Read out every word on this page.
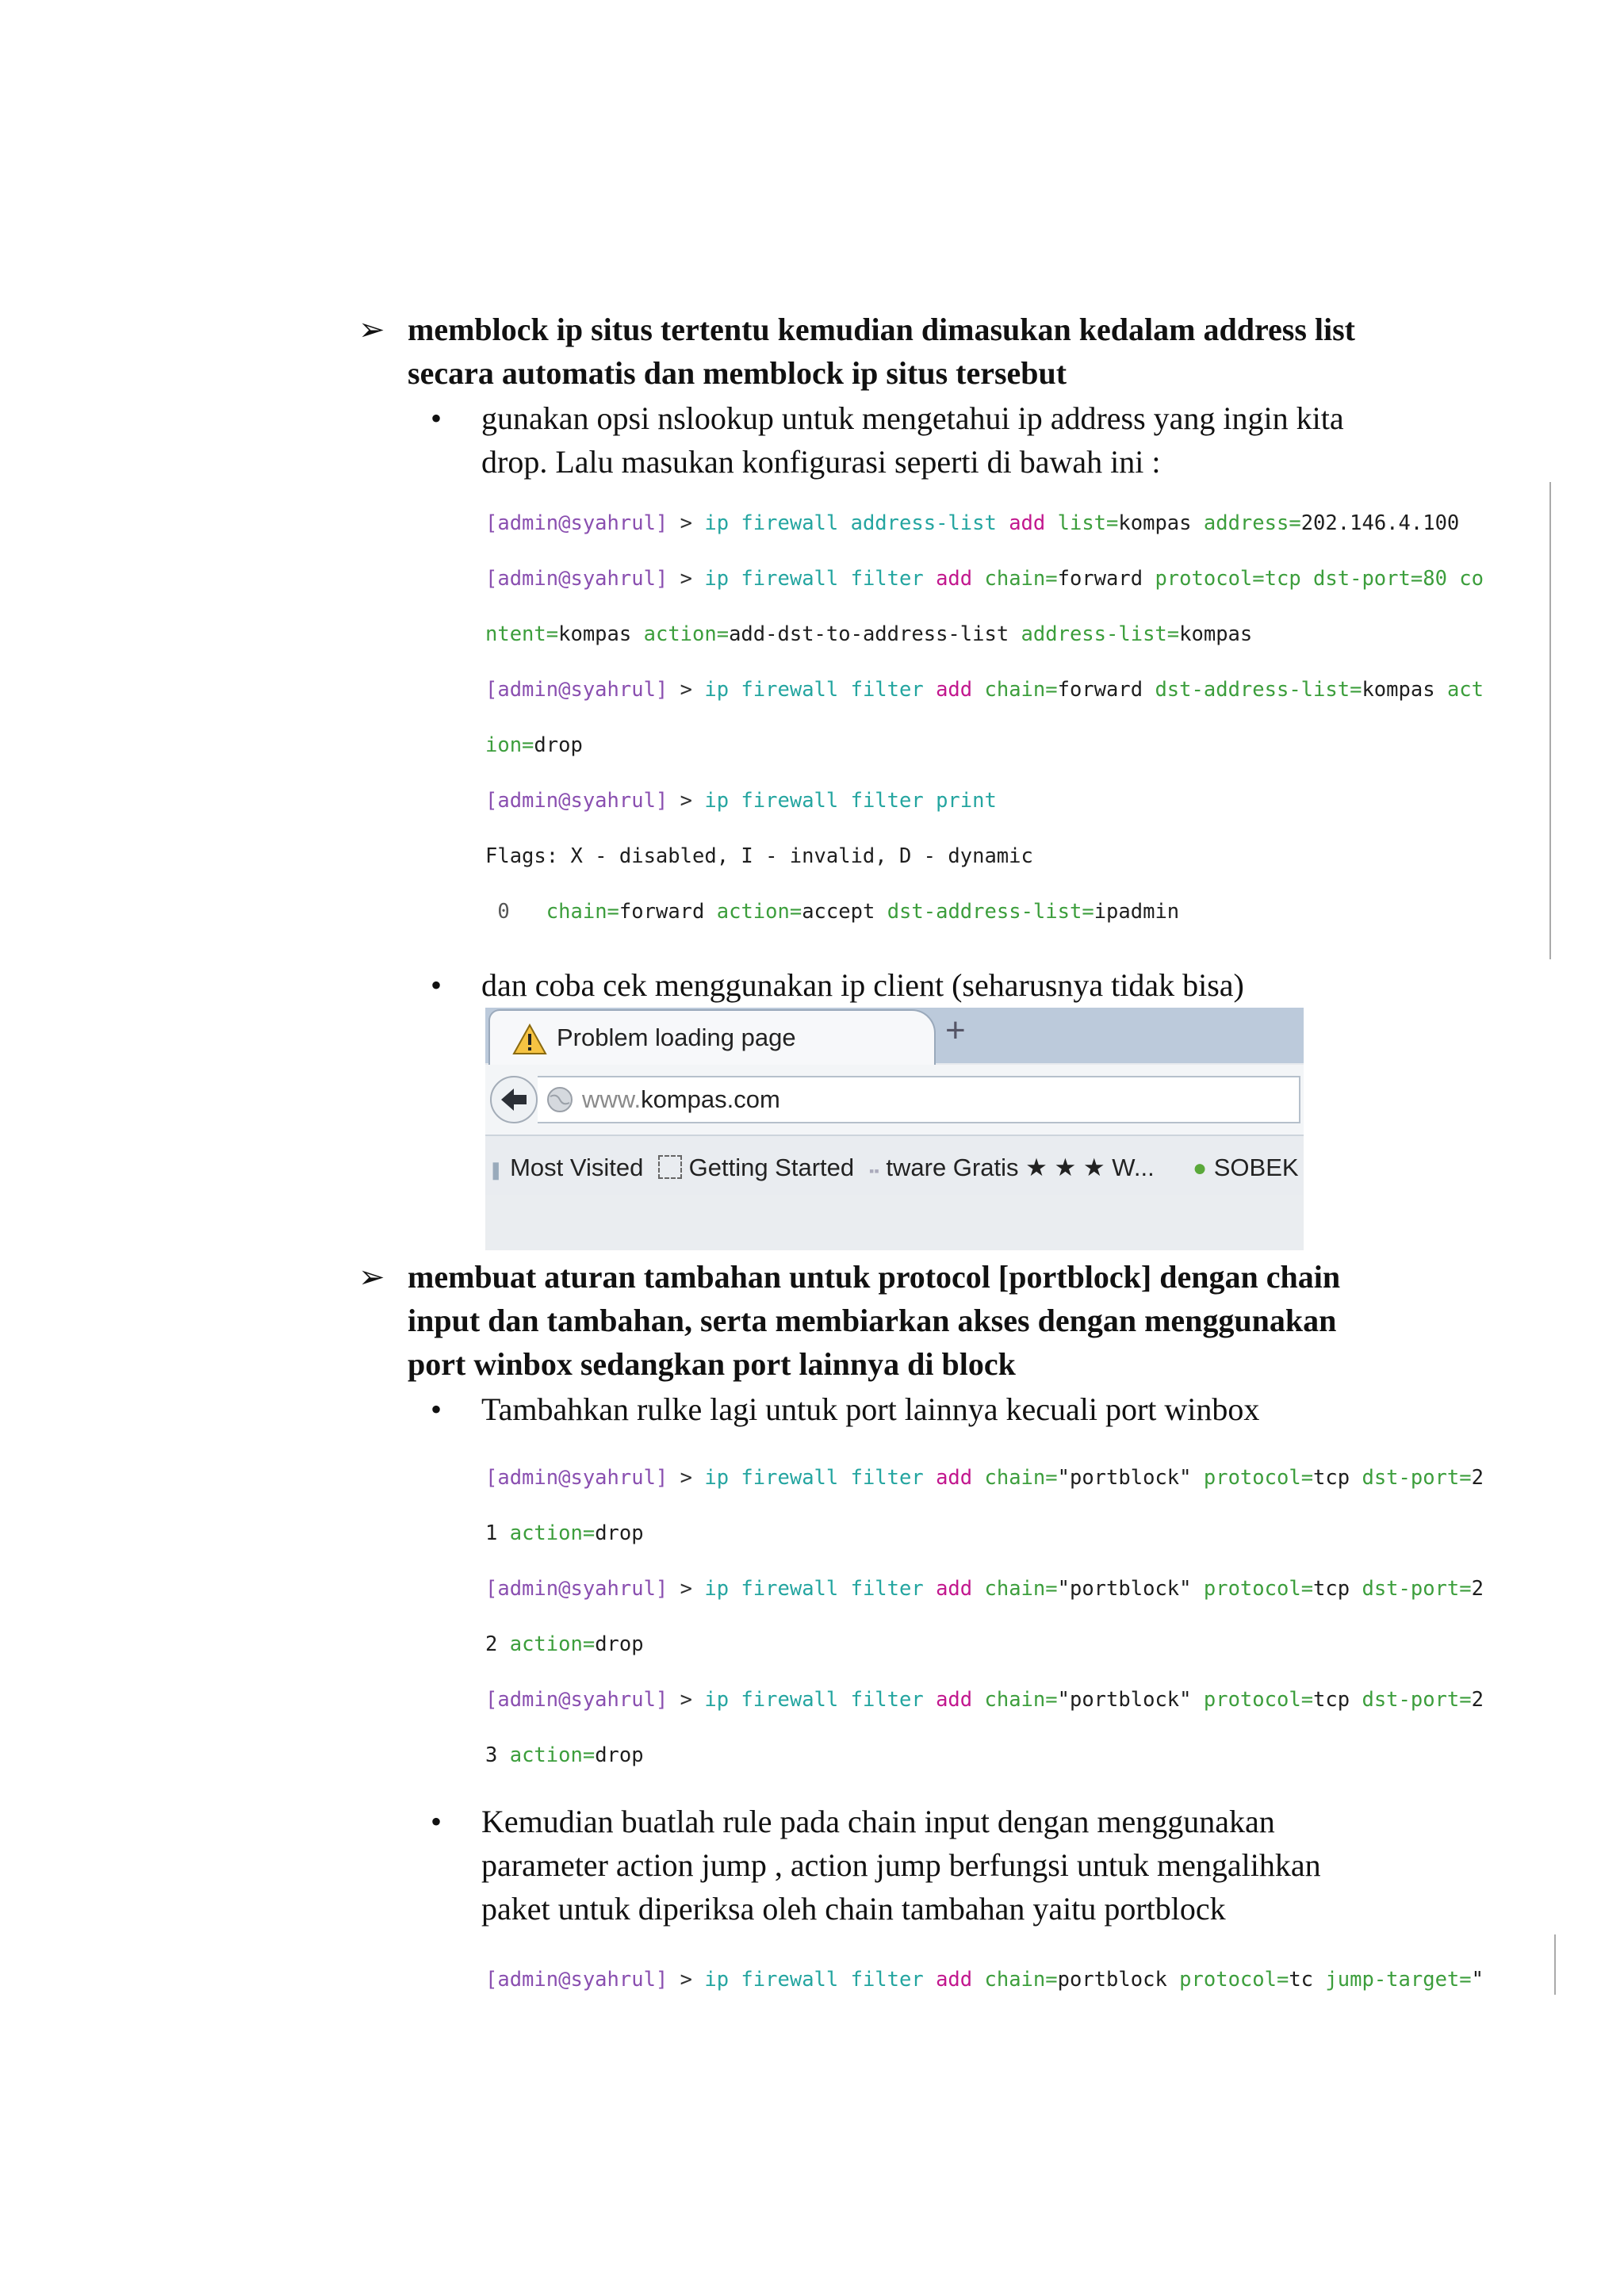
➢ memblock ip situs tertentu kemudian dimasukan kedalam address list
secara automatis dan memblock ip situs tersebut
• gunakan opsi nslookup untuk mengetahui ip address yang ingin kita
drop. Lalu masukan konfigurasi seperti di bawah ini :

[admin@syahrul] > ip firewall address-list add list=kompas address=202.146.4.100

[admin@syahrul] > ip firewall filter add chain=forward protocol=tcp dst-port=80 co

ntent=kompas action=add-dst-to-address-list address-list=kompas

[admin@syahrul] > ip firewall filter add chain=forward dst-address-list=kompas act

ion=drop

[admin@syahrul] > ip firewall filter print

Flags: X - disabled, I - invalid, D - dynamic

0 chain=forward action=accept dst-address-list=ipadmin

• dan coba cek menggunakan ip client (seharusnya tidak bisa)
Problem loading page	+
www.kompas.com
❚ Most Visited	Getting Started ▪▪ tware Gratis ★ ★ ★ W... ● SOBEK
➢ membuat aturan tambahan untuk protocol [portblock] dengan chain
input dan tambahan, serta membiarkan akses dengan menggunakan
port winbox sedangkan port lainnya di block
• Tambahkan rulke lagi untuk port lainnya kecuali port winbox

[admin@syahrul] > ip firewall filter add chain="portblock" protocol=tcp dst-port=2

1 action=drop

[admin@syahrul] > ip firewall filter add chain="portblock" protocol=tcp dst-port=2

2 action=drop

[admin@syahrul] > ip firewall filter add chain="portblock" protocol=tcp dst-port=2

3 action=drop

• Kemudian buatlah rule pada chain input dengan menggunakan
parameter action jump , action jump berfungsi untuk mengalihkan
paket untuk diperiksa oleh chain tambahan yaitu portblock

[admin@syahrul] > ip firewall filter add chain=portblock protocol=tc jump-target="
